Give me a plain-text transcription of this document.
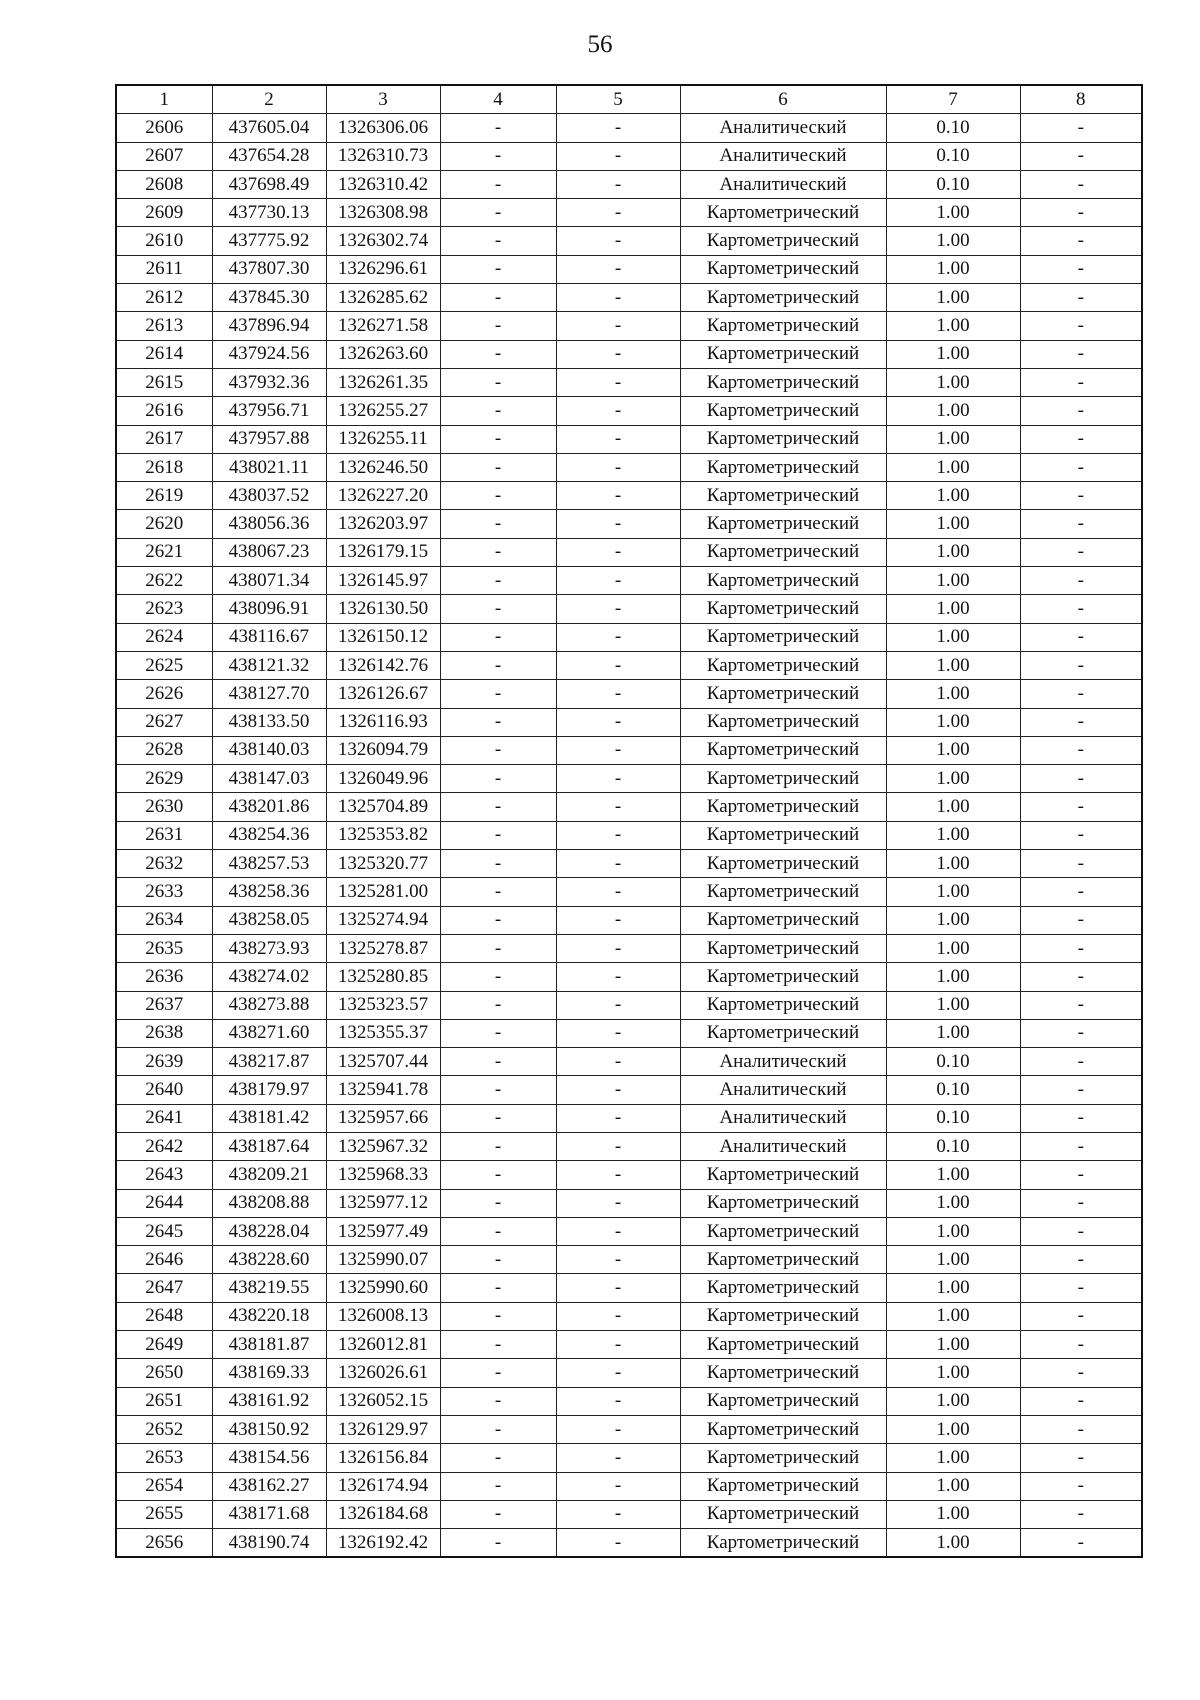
56
1	2	3	4	5	6	7	8
2606	437605.04	1326306.06	-	-	Аналитический	0.10	-
2607	437654.28	1326310.73	-	-	Аналитический	0.10	-
2608	437698.49	1326310.42	-	-	Аналитический	0.10	-
2609	437730.13	1326308.98	-	-	Картометрический	1.00	-
2610	437775.92	1326302.74	-	-	Картометрический	1.00	-
2611	437807.30	1326296.61	-	-	Картометрический	1.00	-
2612	437845.30	1326285.62	-	-	Картометрический	1.00	-
2613	437896.94	1326271.58	-	-	Картометрический	1.00	-
2614	437924.56	1326263.60	-	-	Картометрический	1.00	-
2615	437932.36	1326261.35	-	-	Картометрический	1.00	-
2616	437956.71	1326255.27	-	-	Картометрический	1.00	-
2617	437957.88	1326255.11	-	-	Картометрический	1.00	-
2618	438021.11	1326246.50	-	-	Картометрический	1.00	-
2619	438037.52	1326227.20	-	-	Картометрический	1.00	-
2620	438056.36	1326203.97	-	-	Картометрический	1.00	-
2621	438067.23	1326179.15	-	-	Картометрический	1.00	-
2622	438071.34	1326145.97	-	-	Картометрический	1.00	-
2623	438096.91	1326130.50	-	-	Картометрический	1.00	-
2624	438116.67	1326150.12	-	-	Картометрический	1.00	-
2625	438121.32	1326142.76	-	-	Картометрический	1.00	-
2626	438127.70	1326126.67	-	-	Картометрический	1.00	-
2627	438133.50	1326116.93	-	-	Картометрический	1.00	-
2628	438140.03	1326094.79	-	-	Картометрический	1.00	-
2629	438147.03	1326049.96	-	-	Картометрический	1.00	-
2630	438201.86	1325704.89	-	-	Картометрический	1.00	-
2631	438254.36	1325353.82	-	-	Картометрический	1.00	-
2632	438257.53	1325320.77	-	-	Картометрический	1.00	-
2633	438258.36	1325281.00	-	-	Картометрический	1.00	-
2634	438258.05	1325274.94	-	-	Картометрический	1.00	-
2635	438273.93	1325278.87	-	-	Картометрический	1.00	-
2636	438274.02	1325280.85	-	-	Картометрический	1.00	-
2637	438273.88	1325323.57	-	-	Картометрический	1.00	-
2638	438271.60	1325355.37	-	-	Картометрический	1.00	-
2639	438217.87	1325707.44	-	-	Аналитический	0.10	-
2640	438179.97	1325941.78	-	-	Аналитический	0.10	-
2641	438181.42	1325957.66	-	-	Аналитический	0.10	-
2642	438187.64	1325967.32	-	-	Аналитический	0.10	-
2643	438209.21	1325968.33	-	-	Картометрический	1.00	-
2644	438208.88	1325977.12	-	-	Картометрический	1.00	-
2645	438228.04	1325977.49	-	-	Картометрический	1.00	-
2646	438228.60	1325990.07	-	-	Картометрический	1.00	-
2647	438219.55	1325990.60	-	-	Картометрический	1.00	-
2648	438220.18	1326008.13	-	-	Картометрический	1.00	-
2649	438181.87	1326012.81	-	-	Картометрический	1.00	-
2650	438169.33	1326026.61	-	-	Картометрический	1.00	-
2651	438161.92	1326052.15	-	-	Картометрический	1.00	-
2652	438150.92	1326129.97	-	-	Картометрический	1.00	-
2653	438154.56	1326156.84	-	-	Картометрический	1.00	-
2654	438162.27	1326174.94	-	-	Картометрический	1.00	-
2655	438171.68	1326184.68	-	-	Картометрический	1.00	-
2656	438190.74	1326192.42	-	-	Картометрический	1.00	-
